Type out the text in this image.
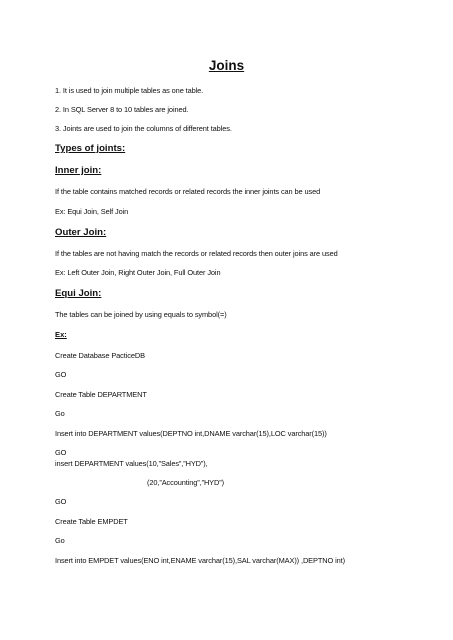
Joins
1. It is used to join multiple tables as one table.
2. In SQL Server 8 to 10 tables are joined.
3. Joints are used to join the columns of different tables.
Types of joints:
Inner join:
If the table contains matched records or related records the inner joints can be used
Ex: Equi Join, Self Join
Outer Join:
If the tables are not having match the records or related records then outer joins are used
Ex: Left Outer Join, Right Outer Join, Full Outer Join
Equi Join:
The tables can be joined by using equals to symbol(=)
Ex:
Create Database PacticeDB
GO
Create Table DEPARTMENT
Go
Insert into DEPARTMENT values(DEPTNO int,DNAME varchar(15),LOC varchar(15))
GO
insert DEPARTMENT values(10,”Sales”,”HYD”),
(20,”Accounting”,”HYD”)
GO
Create Table EMPDET
Go
Insert into EMPDET values(ENO int,ENAME varchar(15),SAL varchar(MAX)) ,DEPTNO int)
